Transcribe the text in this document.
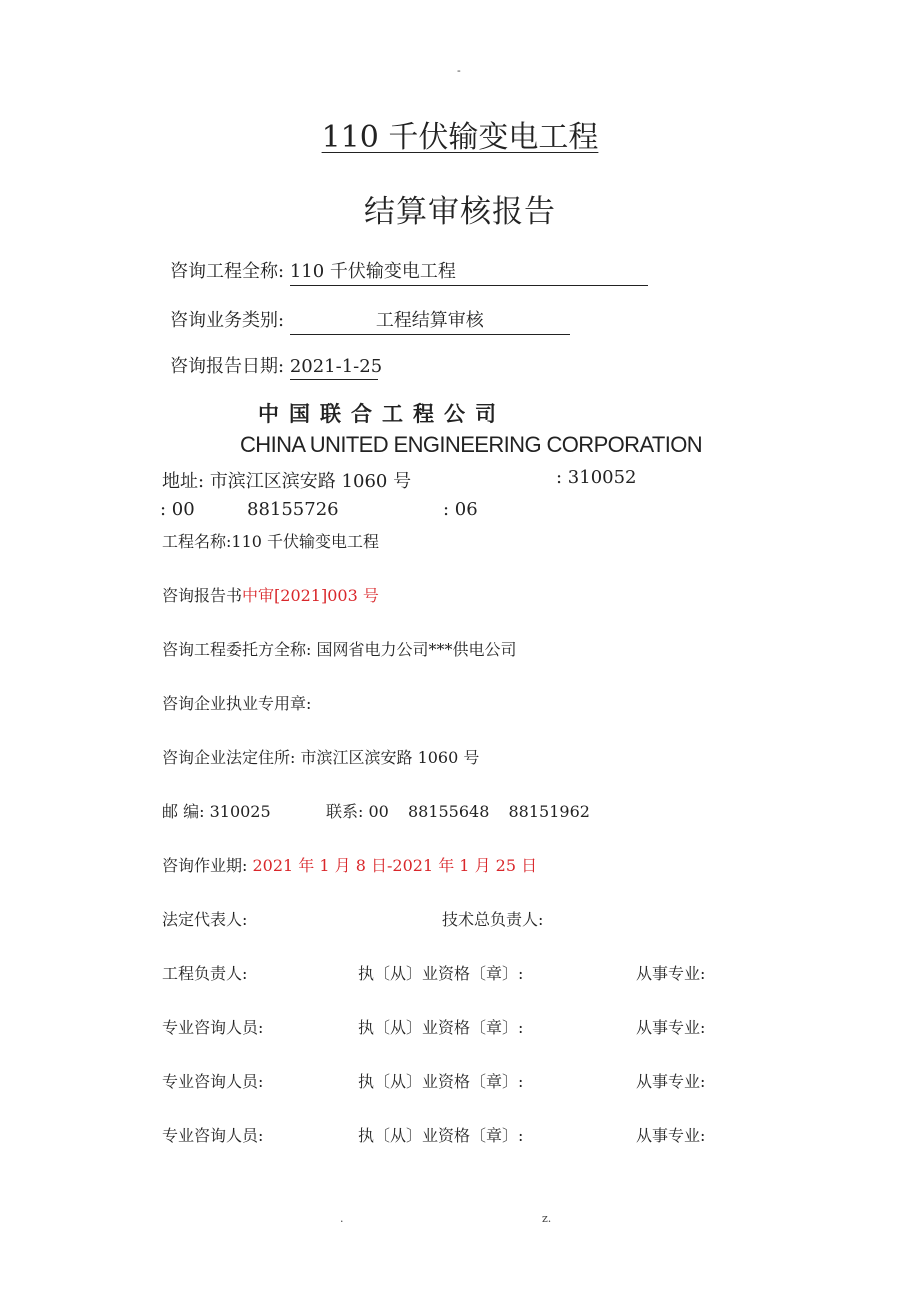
-
110 千伏输变电工程
结算审核报告
咨询工程全称: 110 千伏输变电工程
咨询业务类别:	工程结算审核
咨询报告日期: 2021-1-25
中国联合工程公司
CHINA UNITED ENGINEERING CORPORATION
地址: 市滨江区滨安路 1060 号	: 310052
: 00	88155726	: 06
工程名称:110 千伏输变电工程
咨询报告书中审[2021]003 号
咨询工程委托方全称: 国网省电力公司***供电公司
咨询企业执业专用章:
咨询企业法定住所: 市滨江区滨安路 1060 号
邮 编: 310025	联系: 00 88155648 88151962
咨询作业期: 2021 年 1 月 8 日-2021 年 1 月 25 日
法定代表人:	技术总负责人:
工程负责人:	执〔从〕业资格〔章〕:	从事专业:
专业咨询人员:	执〔从〕业资格〔章〕:	从事专业:
专业咨询人员:	执〔从〕业资格〔章〕:	从事专业:
专业咨询人员:	执〔从〕业资格〔章〕:	从事专业:
.	z.
